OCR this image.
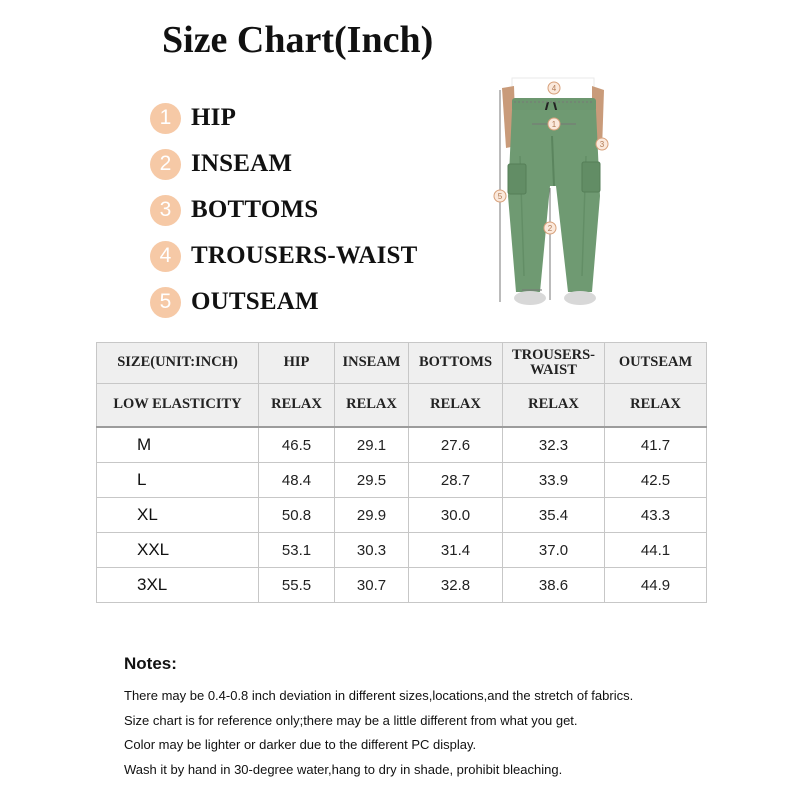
Size Chart(Inch)
1 HIP
2 INSEAM
3 BOTTOMS
4 TROUSERS-WAIST
5 OUTSEAM
4
1
3
5
2
SIZE(UNIT:INCH)	HIP	INSEAM	BOTTOMS	TROUSERS-WAIST	OUTSEAM
LOW ELASTICITY	RELAX	RELAX	RELAX	RELAX	RELAX
M	46.5	29.1	27.6	32.3	41.7
L	48.4	29.5	28.7	33.9	42.5
XL	50.8	29.9	30.0	35.4	43.3
XXL	53.1	30.3	31.4	37.0	44.1
3XL	55.5	30.7	32.8	38.6	44.9
Notes:
There may be 0.4-0.8 inch deviation in different sizes,locations,and the stretch of fabrics.
Size chart is for reference only;there may be a little different from what you get.
Color may be lighter or darker due to the different PC display.
Wash it by hand in 30-degree water,hang to dry in shade, prohibit bleaching.
